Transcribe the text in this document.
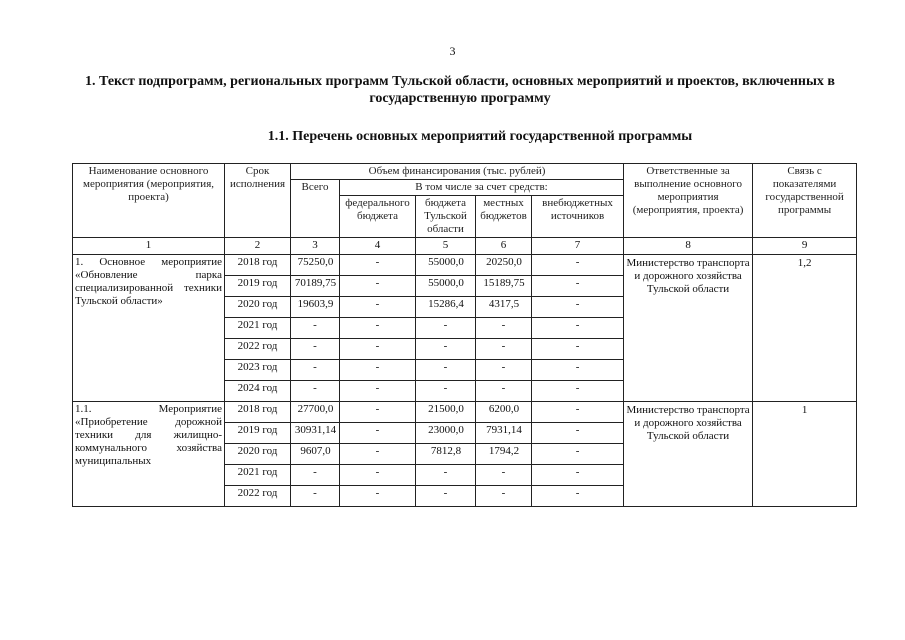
3
1. Текст подпрограмм, региональных программ Тульской области, основных мероприятий и проектов, включенных в государственную программу
1.1. Перечень основных мероприятий государственной программы
Наименование основного мероприятия (мероприятия, проекта)	Срок исполнения	Объем финансирования (тыс. рублей)					Ответственные за выполнение основного мероприятия (мероприятия, проекта)	Связь с показателями государственной программы
		Всего	В том числе за счет средств:					
			федерального бюджета	бюджета Тульской области	местных бюджетов	внебюджетных источников		
1	2	3	4	5	6	7	8	9
1. Основное мероприятие «Обновление парка специализированной техники Тульской области»	2018 год	75250,0	-	55000,0	20250,0	-	Министерство транспорта и дорожного хозяйства Тульской области	1,2
	2019 год	70189,75	-	55000,0	15189,75	-		
	2020 год	19603,9	-	15286,4	4317,5	-		
	2021 год	-	-	-	-	-		
	2022 год	-	-	-	-	-		
	2023 год	-	-	-	-	-		
	2024 год	-	-	-	-	-		
1.1. Мероприятие «Приобретение дорожной техники для жилищно-коммунального хозяйства муниципальных	2018 год	27700,0	-	21500,0	6200,0	-	Министерство транспорта и дорожного хозяйства Тульской области	1
	2019 год	30931,14	-	23000,0	7931,14	-		
	2020 год	9607,0	-	7812,8	1794,2	-		
	2021 год	-	-	-	-	-		
	2022 год	-	-	-	-	-		
